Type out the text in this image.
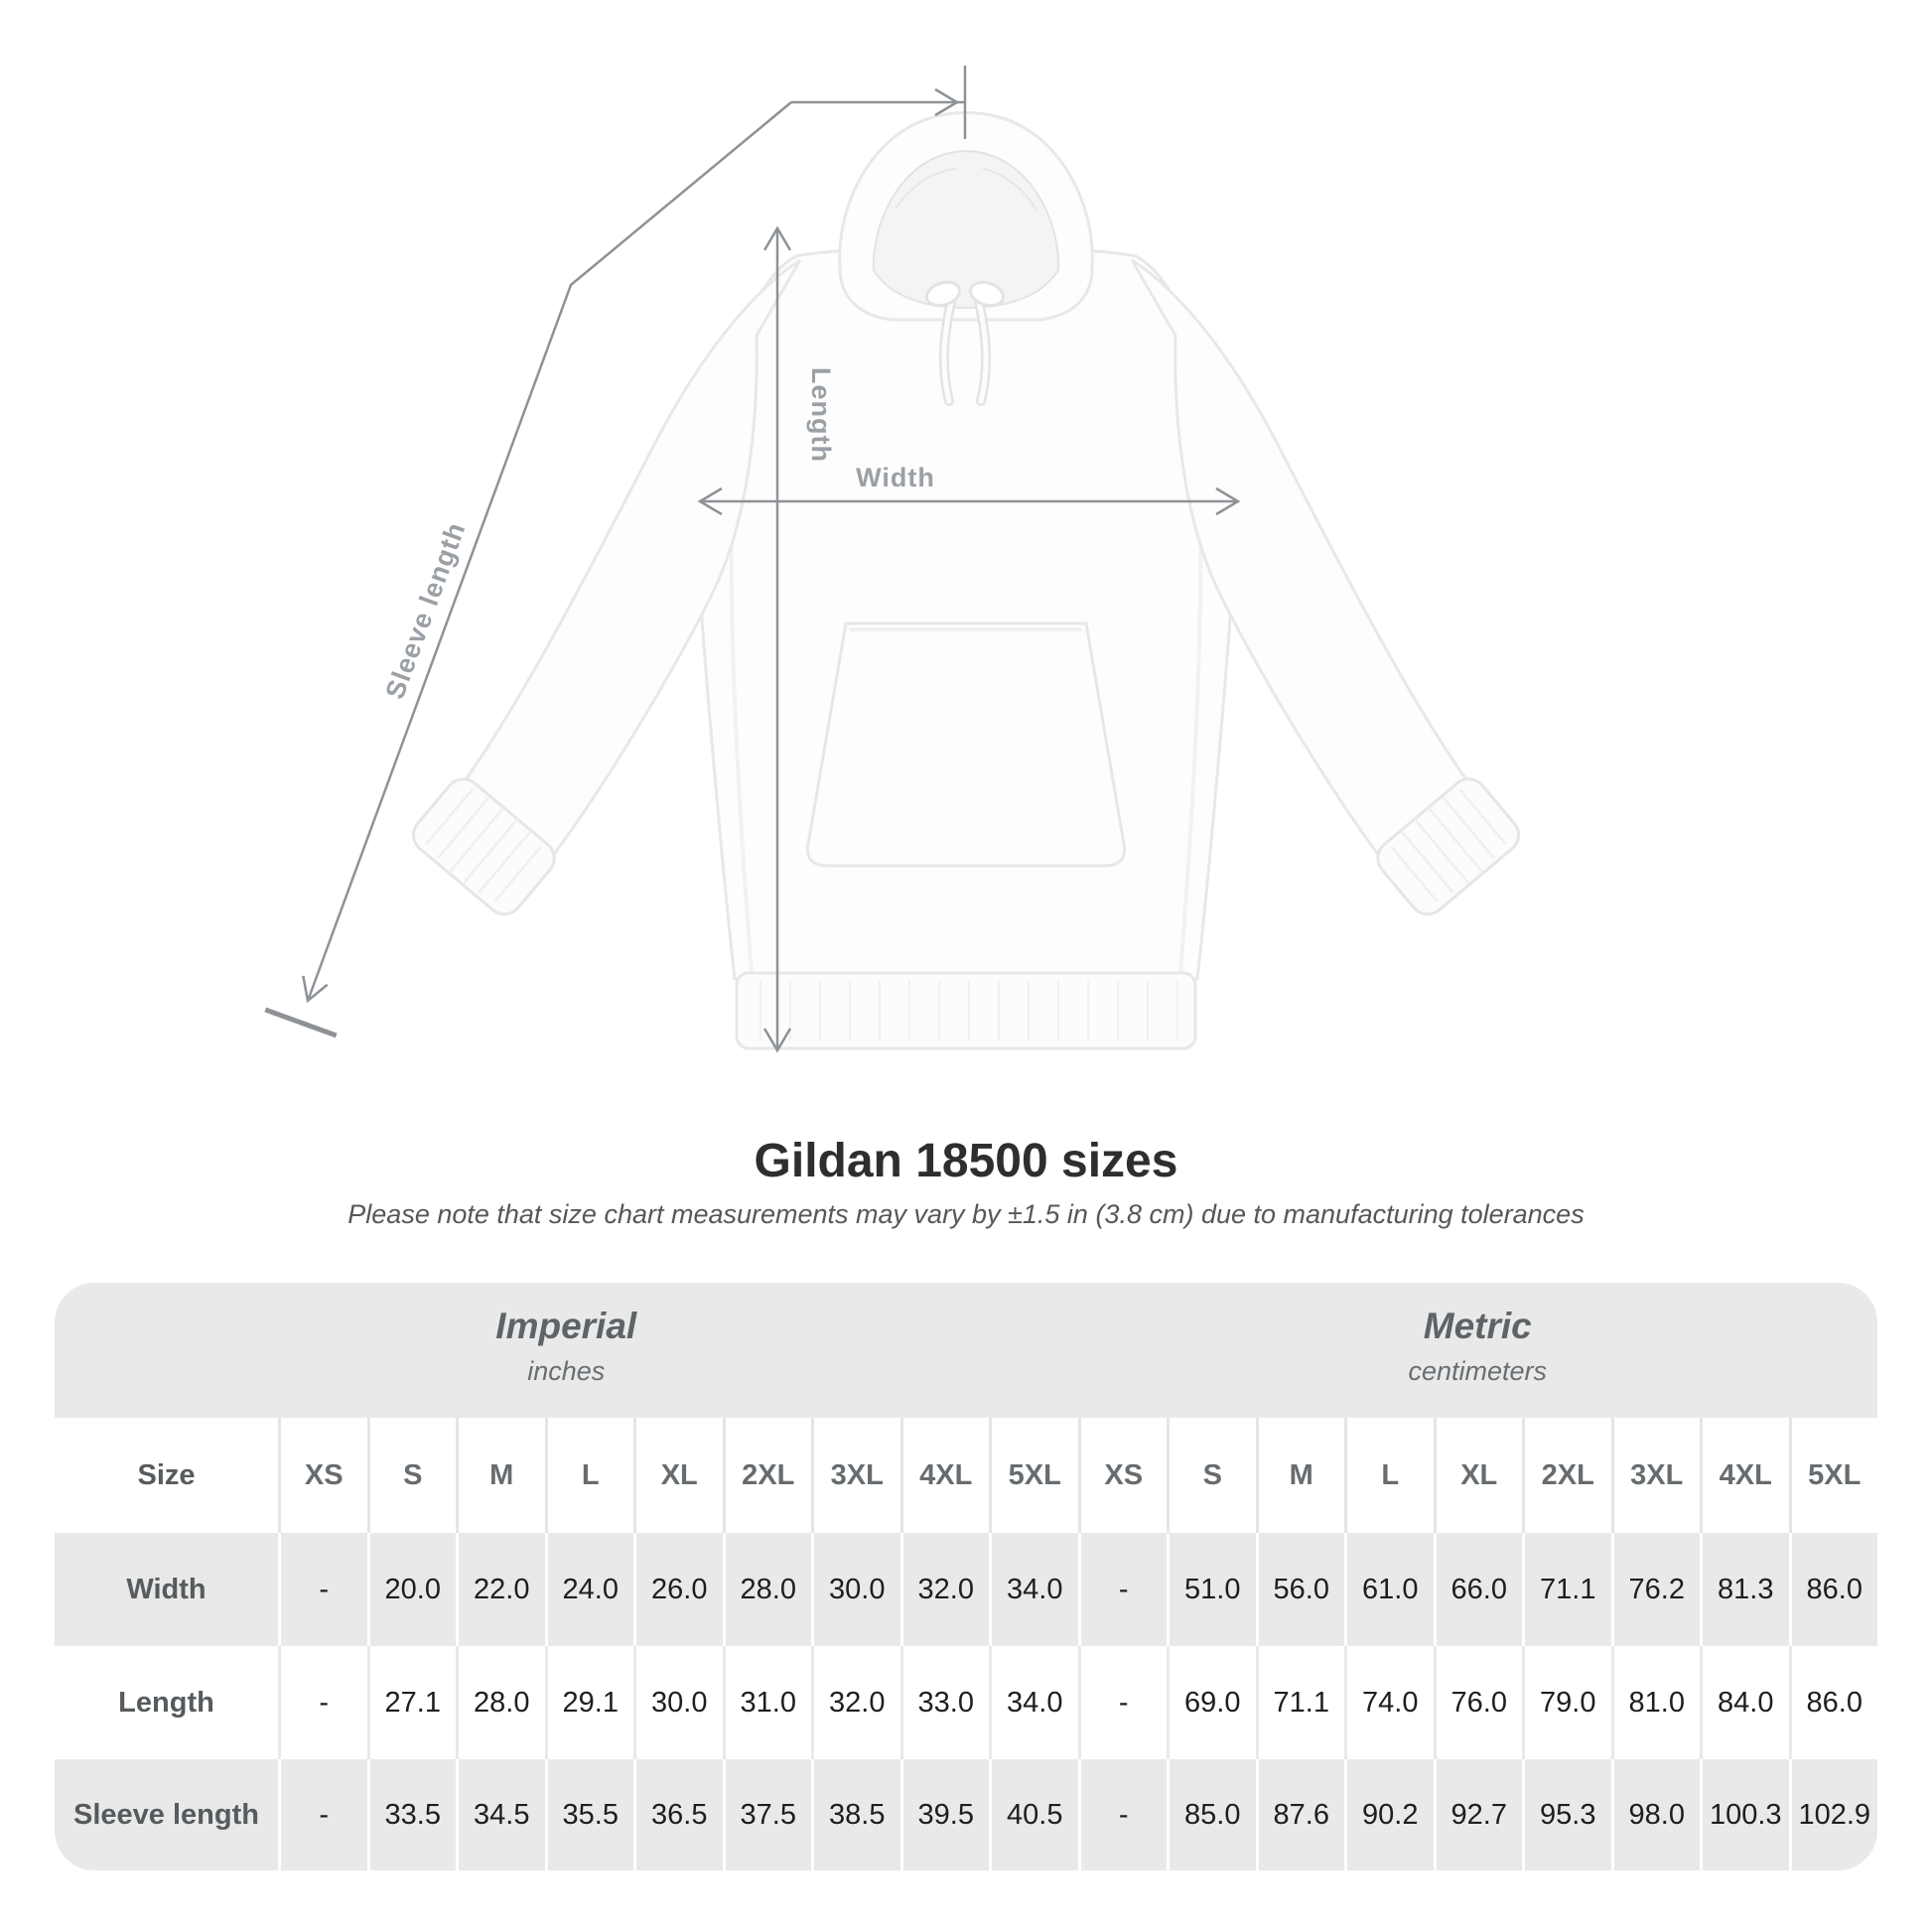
Sleeve length
Length
Width
Gildan 18500 sizes

Please note that size chart measurements may vary by ±1.5 in (3.8 cm) due to manufacturing tolerances

Imperial
inches
Metric
centimeters
Size	XS	S	M	L	XL	2XL	3XL	4XL	5XL	XS	S	M	L	XL	2XL	3XL	4XL	5XL
Width	-	20.0	22.0	24.0	26.0	28.0	30.0	32.0	34.0	-	51.0	56.0	61.0	66.0	71.1	76.2	81.3	86.0
Length	-	27.1	28.0	29.1	30.0	31.0	32.0	33.0	34.0	-	69.0	71.1	74.0	76.0	79.0	81.0	84.0	86.0
Sleeve length	-	33.5	34.5	35.5	36.5	37.5	38.5	39.5	40.5	-	85.0	87.6	90.2	92.7	95.3	98.0 100.3 102.9
